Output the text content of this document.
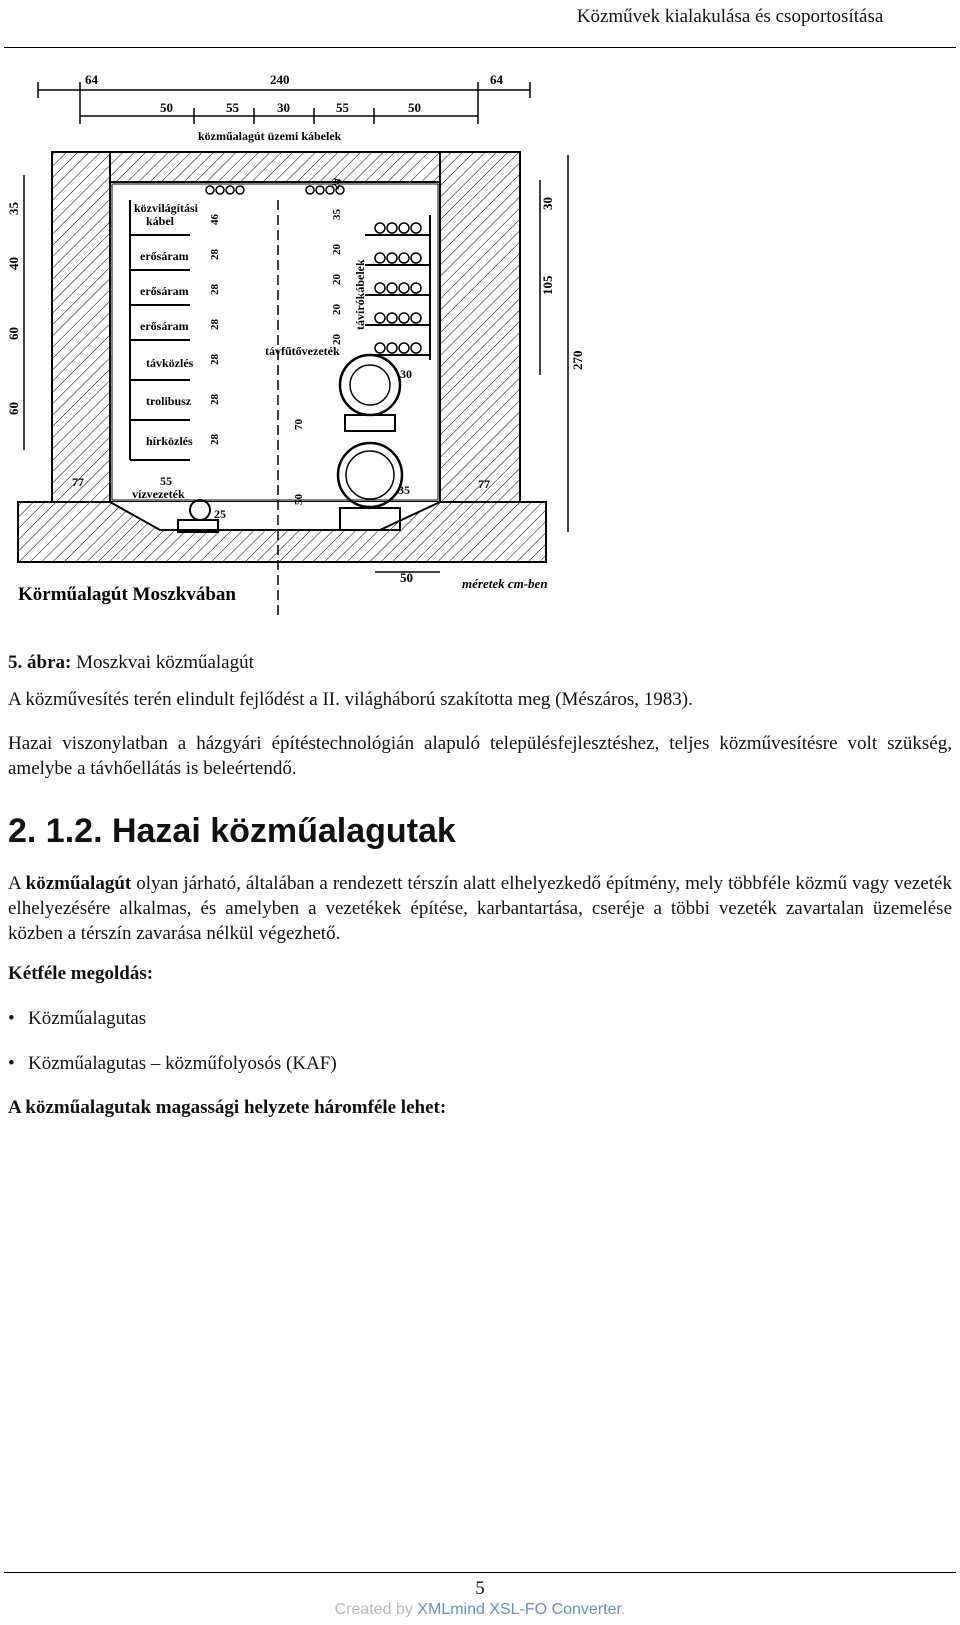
Közművek kialakulása és csoportosítása
64	240	64
50	55	30	55	50
közműalagút üzemi kábelek
közvilágítási
kábel
erősáram
erősáram
erősáram
távközlés
trolibusz
hírközlés
vízvezeték
távfűtővezeték
távírókábelek
46
28
28
28
28
28
28
35
20
20
20
20
24
30
35
25
70
50
35
40
60
60
30
105
270
77	77
55
50
Körműalagút Moszkvában
méretek cm-ben
5. ábra: Moszkvai közműalagút
A közművesítés terén elindult fejlődést a II. világháború szakította meg (Mészáros, 1983).
Hazai viszonylatban a házgyári építéstechnológián alapuló településfejlesztéshez, teljes közművesítésre volt szükség, amelybe a távhőellátás is beleértendő.
2. 1.2. Hazai közműalagutak
A közműalagút olyan járható, általában a rendezett térszín alatt elhelyezkedő építmény, mely többféle közmű vagy vezeték elhelyezésére alkalmas, és amelyben a vezetékek építése, karbantartása, cseréje a többi vezeték zavartalan üzemelése közben a térszín zavarása nélkül végezhető.
Kétféle megoldás:
• Közműalagutas
• Közműalagutas – közműfolyosós (KAF)
A közműalagutak magassági helyzete háromféle lehet:
5
Created by XMLmind XSL-FO Converter.
